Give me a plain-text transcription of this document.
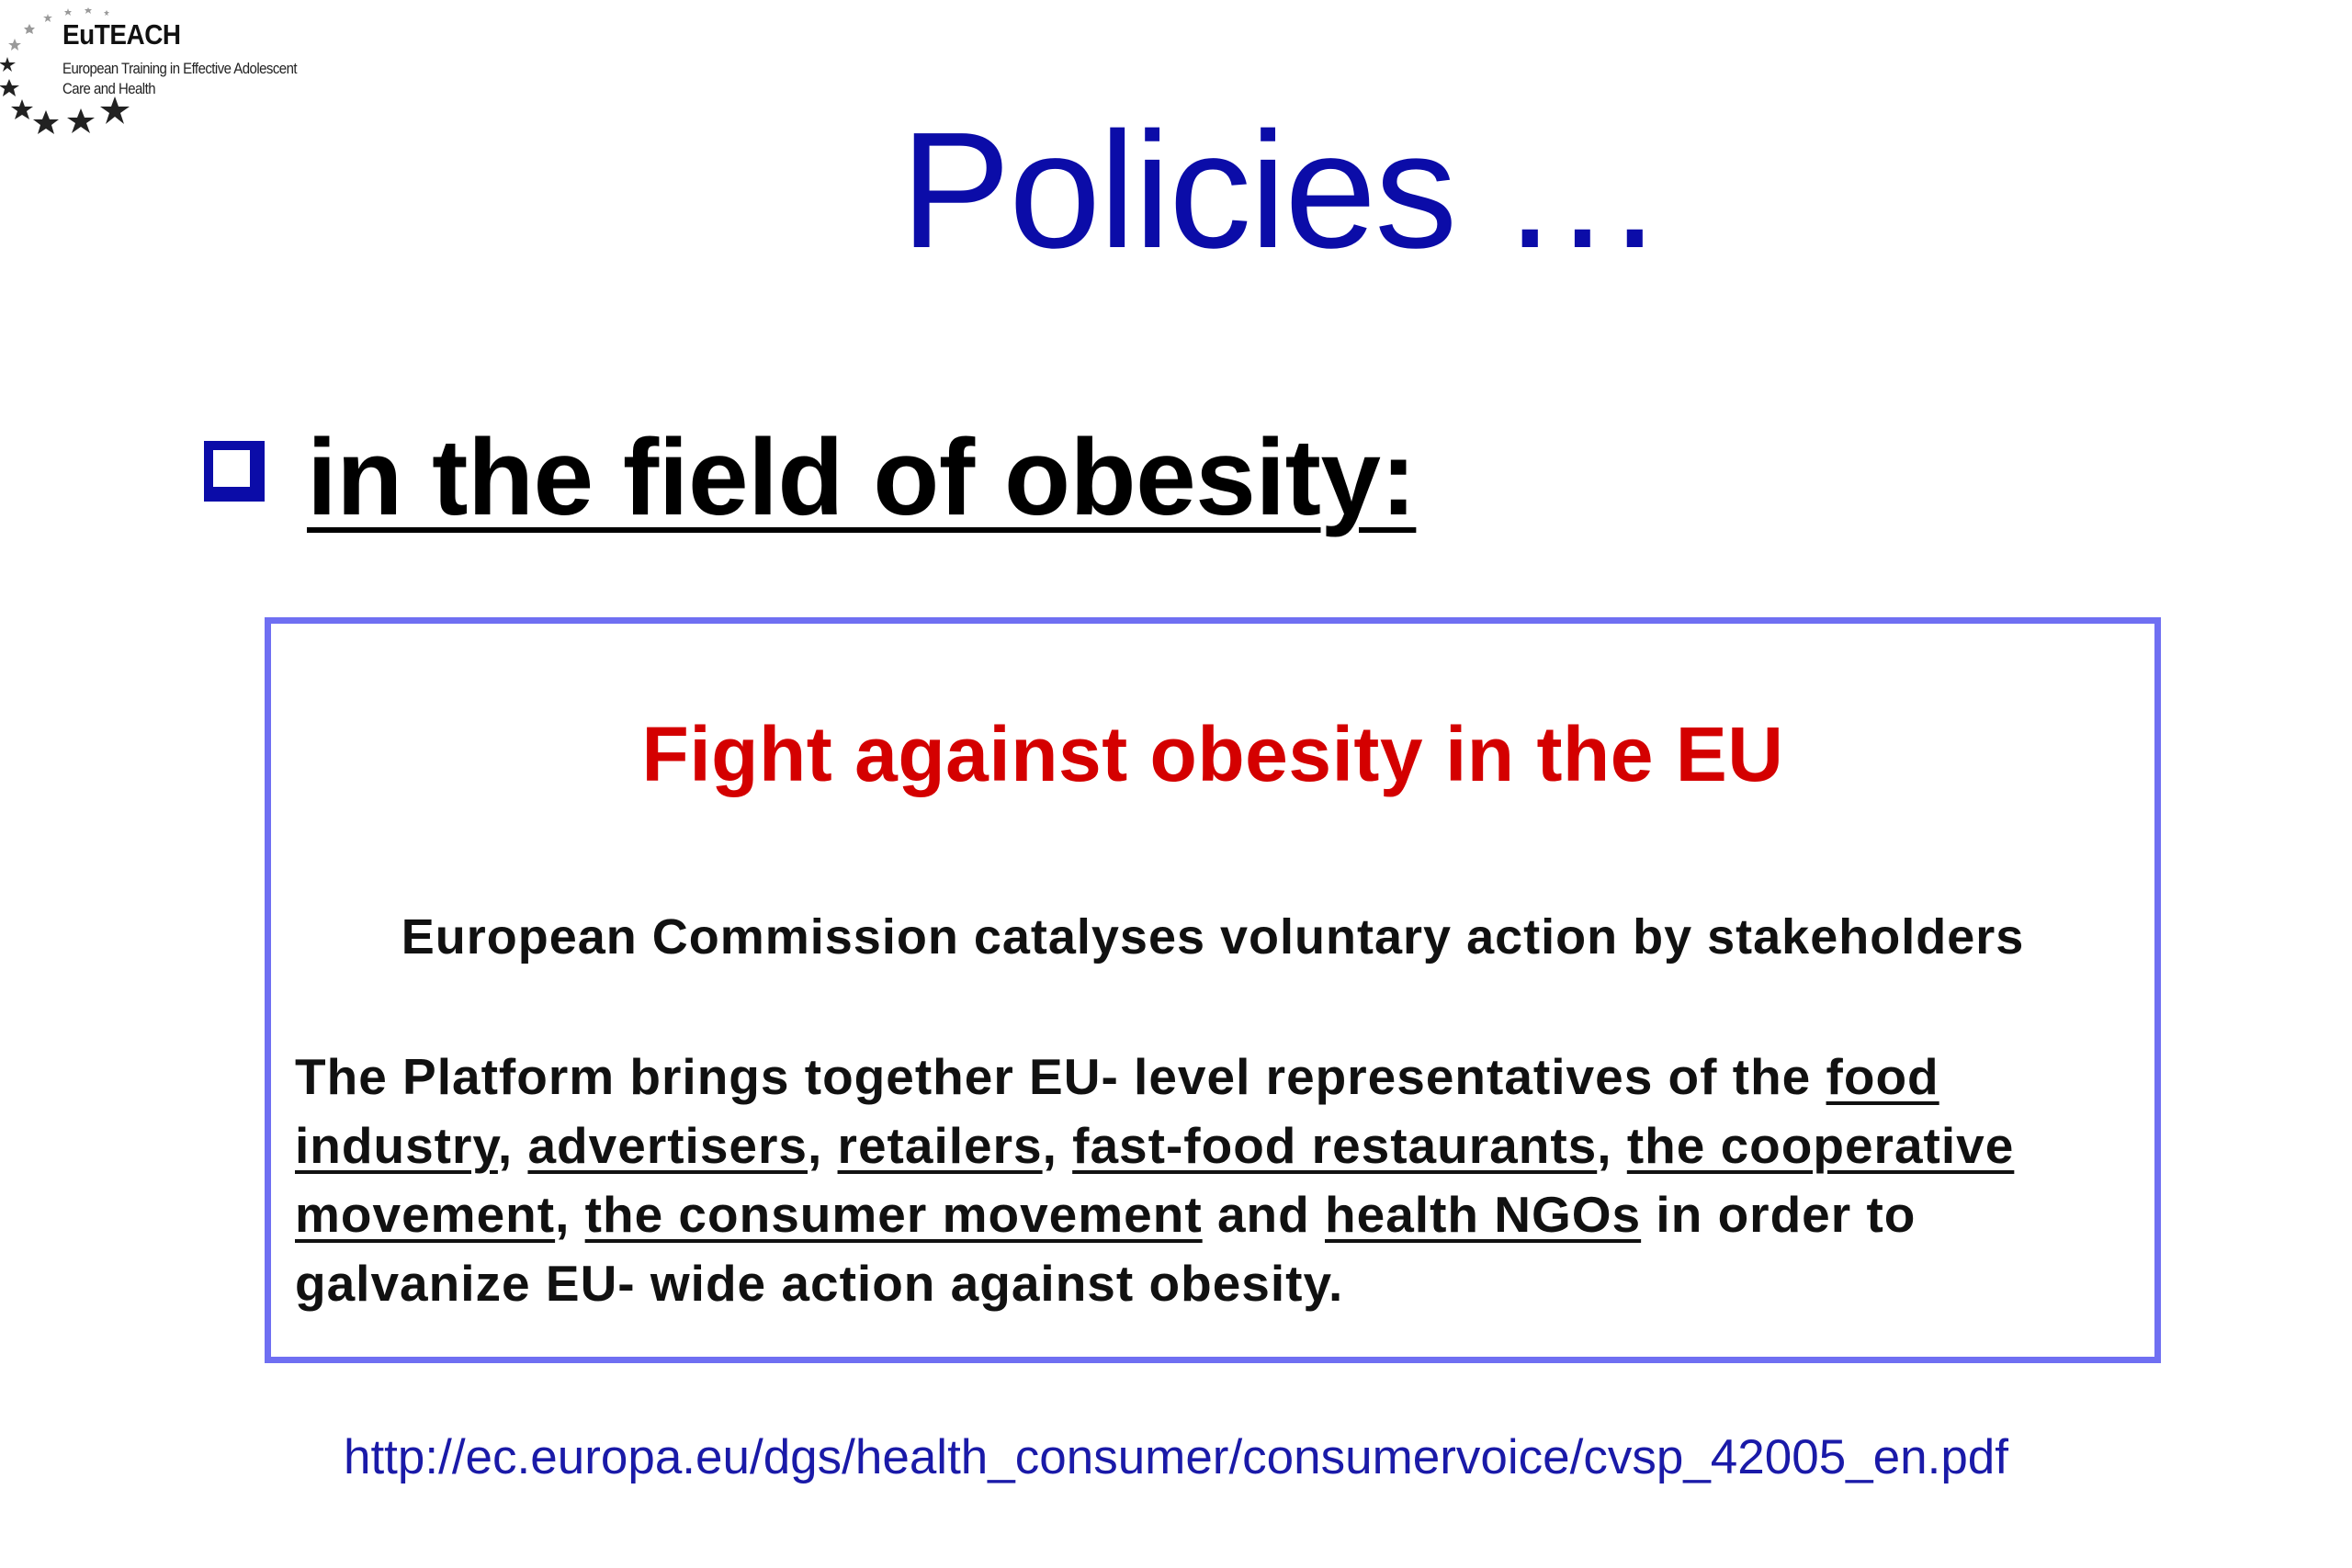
EuTEACH
European Training in Effective Adolescent
Care and Health
Policies …
in the field of obesity:
Fight against obesity in the EU
European Commission catalyses voluntary action by stakeholders
The Platform brings together EU- level representatives of the food industry, advertisers, retailers, fast-food restaurants, the cooperative movement, the consumer movement and health NGOs in order to galvanize EU- wide action against obesity.
http://ec.europa.eu/dgs/health_consumer/consumervoice/cvsp_42005_en.pdf
